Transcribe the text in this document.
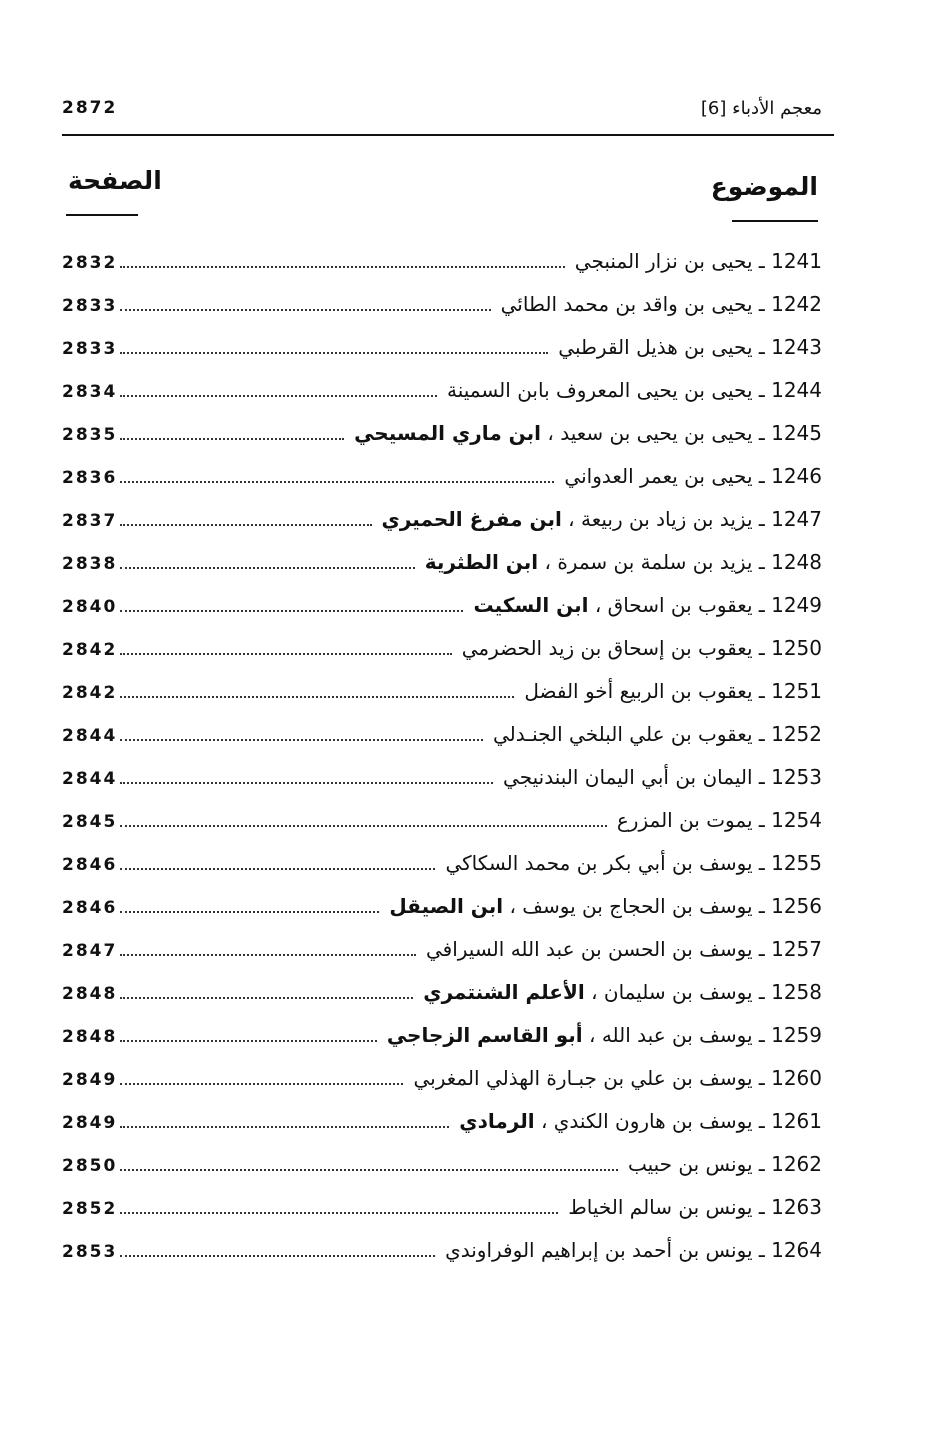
2872	معجم الأدباء [6]
الموضوع
الصفحة
2832	1241 ـ يحيى بن نزار المنبجي
2833	1242 ـ يحيى بن واقد بن محمد الطائي
2833	1243 ـ يحيى بن هذيل القرطبي
2834	1244 ـ يحيى بن يحيى المعروف بابن السمينة
2835	1245 ـ يحيى بن يحيى بن سعيد ، ابن ماري المسيحي
2836	1246 ـ يحيى بن يعمر العدواني
2837	1247 ـ يزيد بن زياد بن ربيعة ، ابن مفرغ الحميري
2838	1248 ـ يزيد بن سلمة بن سمرة ، ابن الطثرية
2840	1249 ـ يعقوب بن اسحاق ، ابن السكيت
2842	1250 ـ يعقوب بن إسحاق بن زيد الحضرمي
2842	1251 ـ يعقوب بن الربيع أخو الفضل
2844	1252 ـ يعقوب بن علي البلخي الجنـدلي
2844	1253 ـ اليمان بن أبي اليمان البندنيجي
2845	1254 ـ يموت بن المزرع
2846	1255 ـ يوسف بن أبي بكر بن محمد السكاكي
2846	1256 ـ يوسف بن الحجاج بن يوسف ، ابن الصيقل
2847	1257 ـ يوسف بن الحسن بن عبد الله السيرافي
2848	1258 ـ يوسف بن سليمان ، الأعلم الشنتمري
2848	1259 ـ يوسف بن عبد الله ، أبو القاسم الزجاجي
2849	1260 ـ يوسف بن علي بن جبـارة الهذلي المغربي
2849	1261 ـ يوسف بن هارون الكندي ، الرمادي
2850	1262 ـ يونس بن حبيب
2852	1263 ـ يونس بن سالم الخياط
2853	1264 ـ يونس بن أحمد بن إبراهيم الوفراوندي
